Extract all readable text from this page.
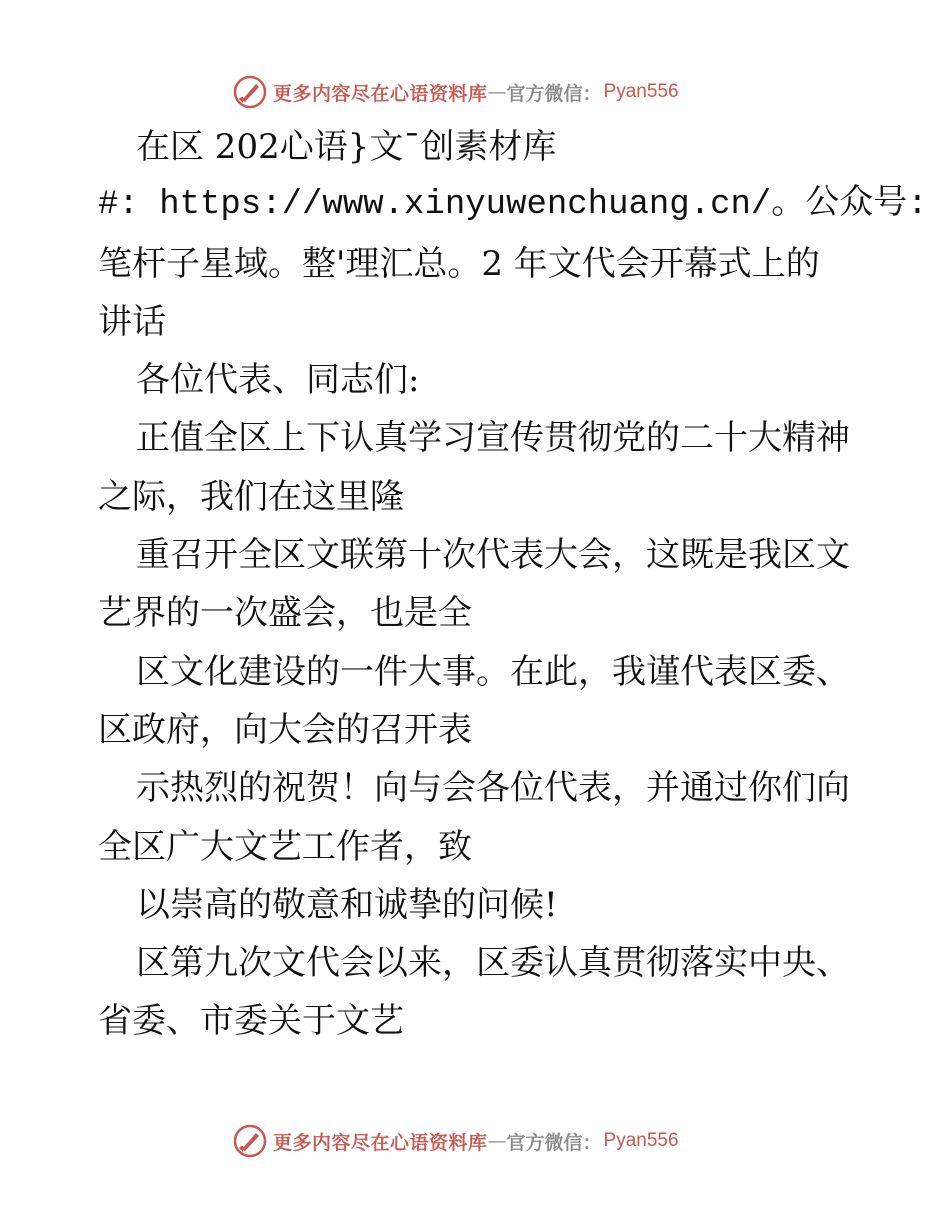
更多内容尽在心语资料库 — 官方微信： Pyan556
在区 202心语}文¯创素材库
#: https://www.xinyuwenchuang.cn/。公众号:
笔杆子星域。整'理汇总。2 年文代会开幕式上的
讲话
各位代表、同志们:
正值全区上下认真学习宣传贯彻党的二十大精神
之际，我们在这里隆
重召开全区文联第十次代表大会，这既是我区文
艺界的一次盛会，也是全
区文化建设的一件大事。在此，我谨代表区委、
区政府，向大会的召开表
示热烈的祝贺！向与会各位代表，并通过你们向
全区广大文艺工作者，致
以崇高的敬意和诚挚的问候!
区第九次文代会以来，区委认真贯彻落实中央、
省委、市委关于文艺
更多内容尽在心语资料库 — 官方微信： Pyan556
